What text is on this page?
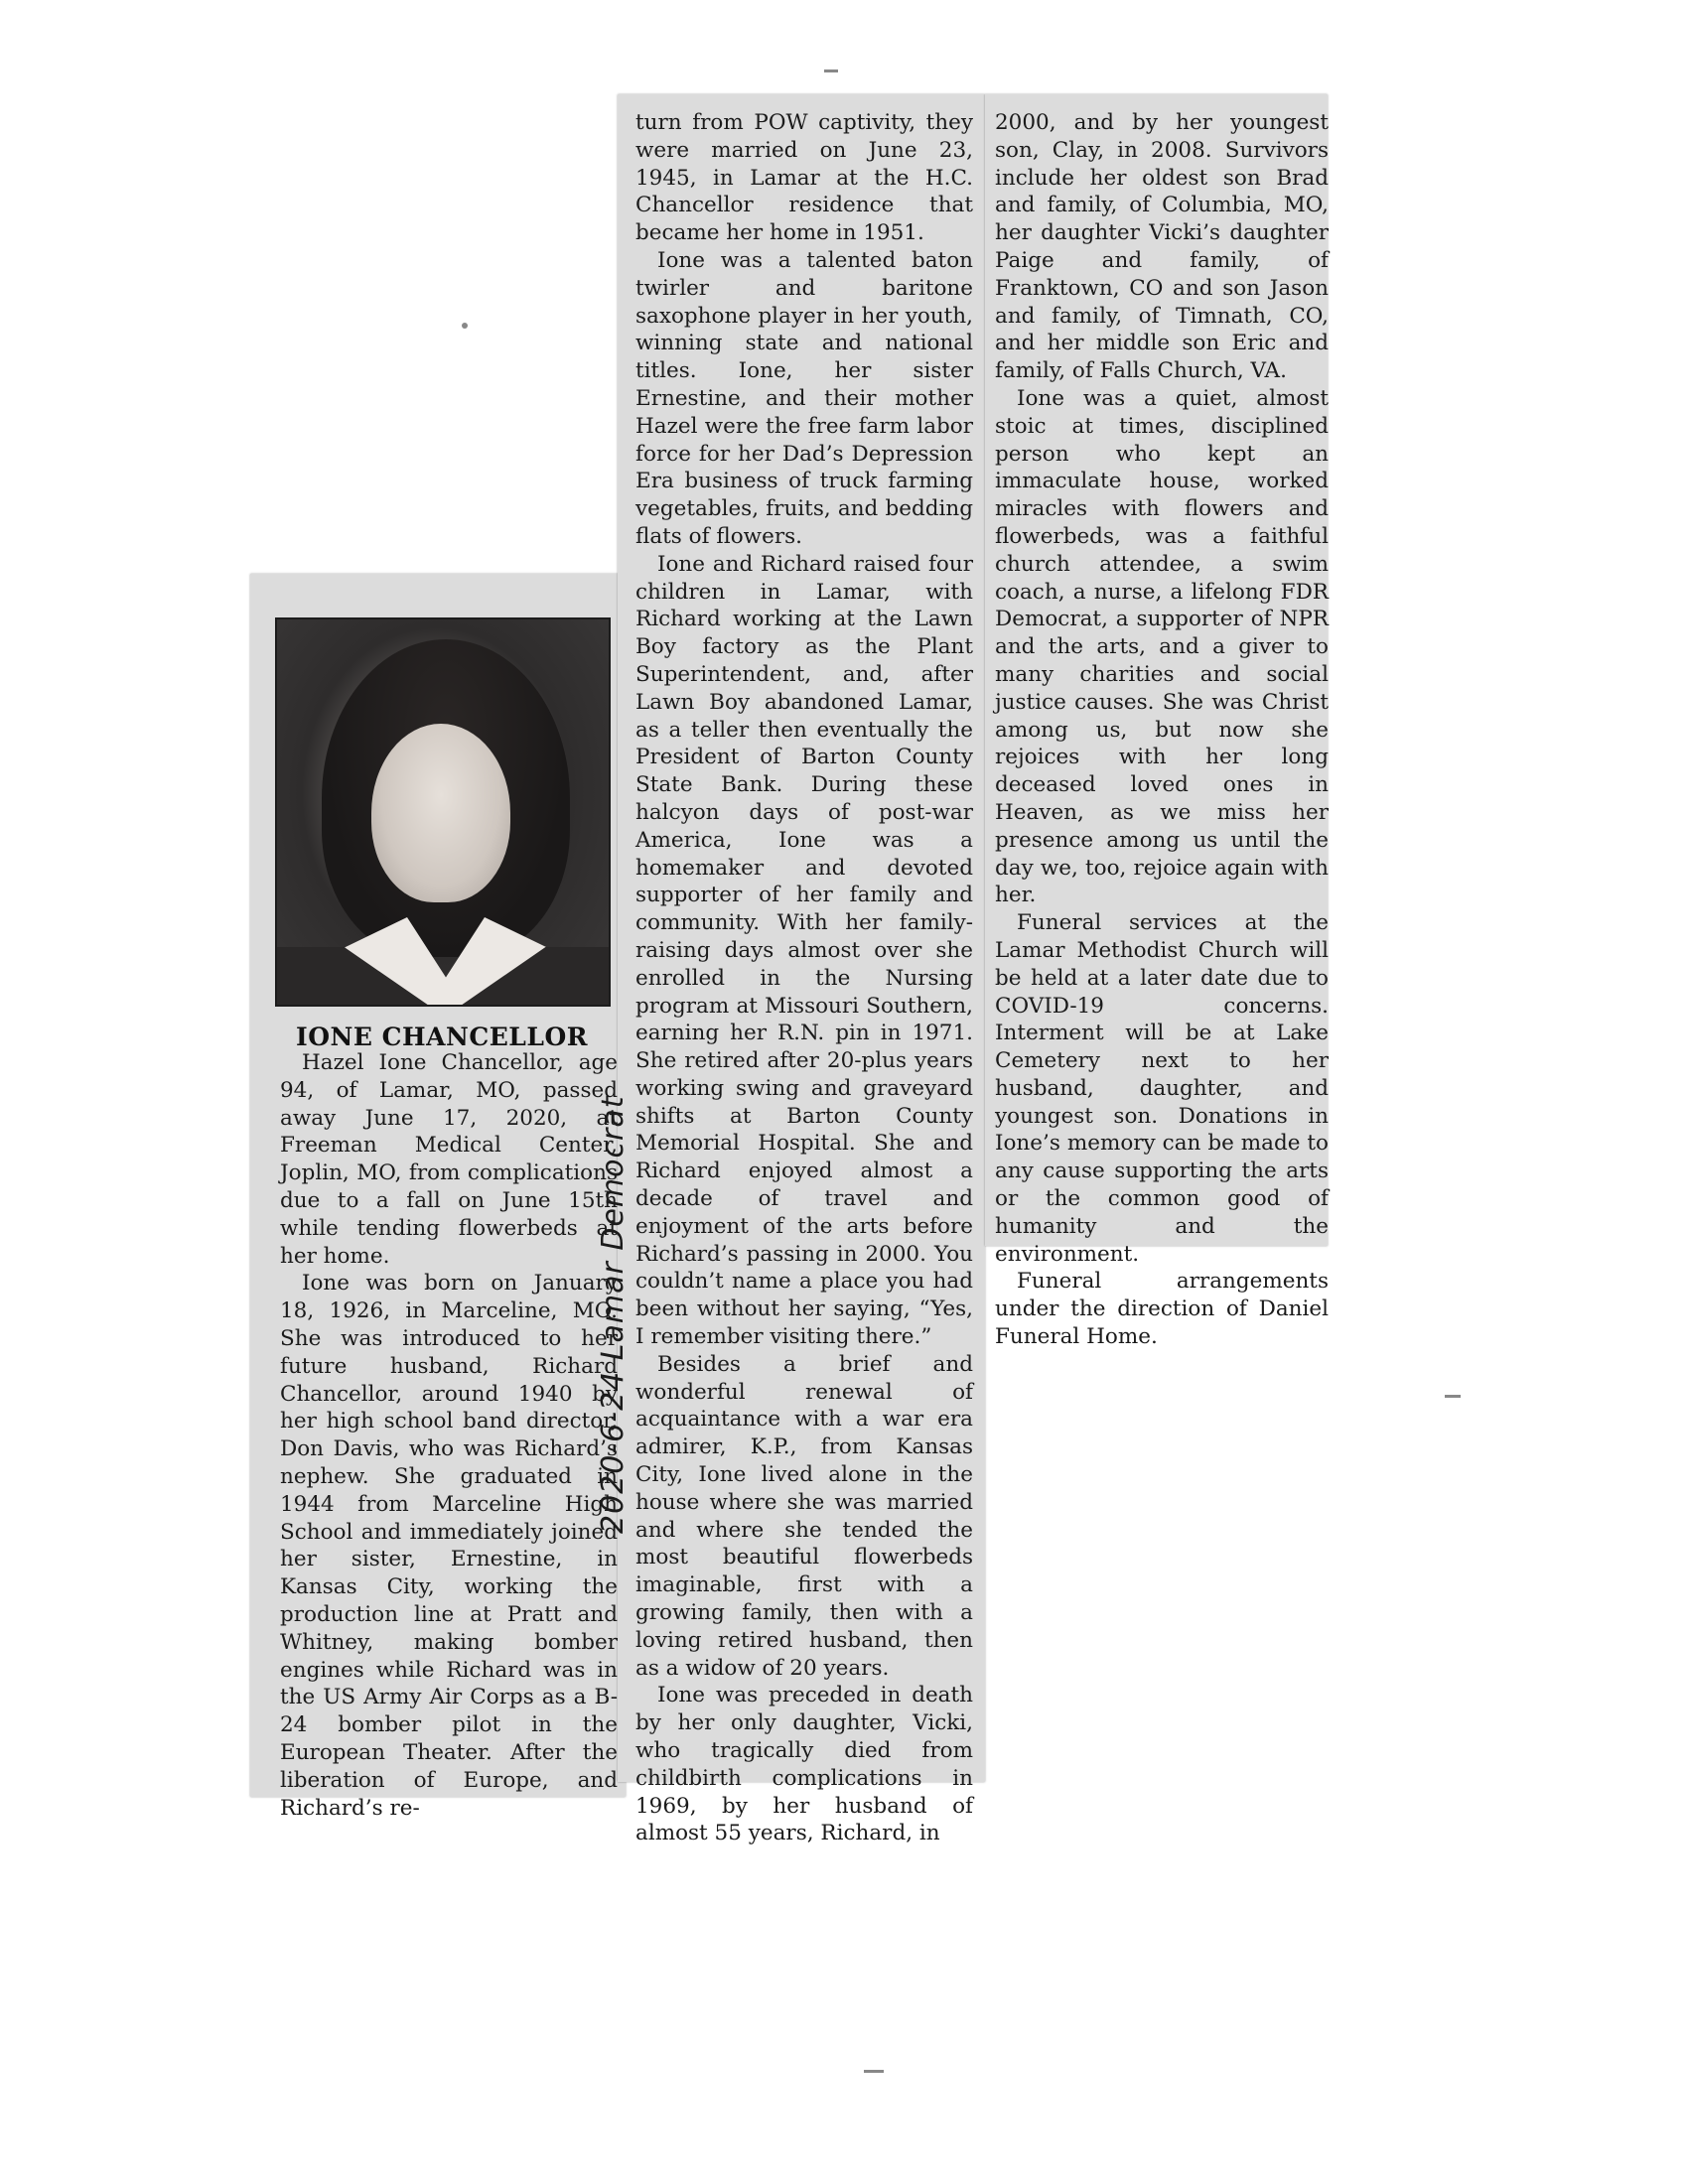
IONE CHANCELLOR

Hazel Ione Chancellor, age 94, of Lamar, MO, passed away June 17, 2020, at Freeman Medical Center, Joplin, MO, from complications due to a fall on June 15th while tending flowerbeds at her home.

Ione was born on January 18, 1926, in Marceline, MO. She was introduced to her future husband, Richard Chancellor, around 1940 by her high school band director, Don Davis, who was Richard’s nephew. She graduated in 1944 from Marceline High School and immediately joined her sister, Ernestine, in Kansas City, working the production line at Pratt and Whitney, making bomber engines while Richard was in the US Army Air Corps as a B-24 bomber pilot in the European Theater. After the liberation of Europe, and Richard’s re-

turn from POW captivity, they were married on June 23, 1945, in Lamar at the H.C. Chancellor residence that became her home in 1951.

Ione was a talented baton twirler and baritone saxophone player in her youth, winning state and national titles. Ione, her sister Ernestine, and their mother Hazel were the free farm labor force for her Dad’s Depression Era business of truck farming vegetables, fruits, and bedding flats of flowers.

Ione and Richard raised four children in Lamar, with Richard working at the Lawn Boy factory as the Plant Superintendent, and, after Lawn Boy abandoned Lamar, as a teller then eventually the President of Barton County State Bank. During these halcyon days of post-war America, Ione was a homemaker and devoted supporter of her family and community. With her family-raising days almost over she enrolled in the Nursing program at Missouri Southern, earning her R.N. pin in 1971. She retired after 20-plus years working swing and graveyard shifts at Barton County Memorial Hospital. She and Richard enjoyed almost a decade of travel and enjoyment of the arts before Richard’s passing in 2000. You couldn’t name a place you had been without her saying, “Yes, I remember visiting there.”

Besides a brief and wonderful renewal of acquaintance with a war era admirer, K.P., from Kansas City, Ione lived alone in the house where she was married and where she tended the most beautiful flowerbeds imaginable, first with a growing family, then with a loving retired husband, then as a widow of 20 years.

Ione was preceded in death by her only daughter, Vicki, who tragically died from childbirth complications in 1969, by her husband of almost 55 years, Richard, in

2000, and by her youngest son, Clay, in 2008. Survivors include her oldest son Brad and family, of Columbia, MO, her daughter Vicki’s daughter Paige and family, of Franktown, CO and son Jason and family, of Timnath, CO, and her middle son Eric and family, of Falls Church, VA.

Ione was a quiet, almost stoic at times, disciplined person who kept an immaculate house, worked miracles with flowers and flowerbeds, was a faithful church attendee, a swim coach, a nurse, a lifelong FDR Democrat, a supporter of NPR and the arts, and a giver to many charities and social justice causes. She was Christ among us, but now she rejoices with her long deceased loved ones in Heaven, as we miss her presence among us until the day we, too, rejoice again with her.

Funeral services at the Lamar Methodist Church will be held at a later date due to COVID-19 concerns. Interment will be at Lake Cemetery next to her husband, daughter, and youngest son. Donations in Ione’s memory can be made to any cause supporting the arts or the common good of humanity and the environment.

Funeral arrangements under the direction of Daniel Funeral Home.

2020-6-24 Lamar Democrat
